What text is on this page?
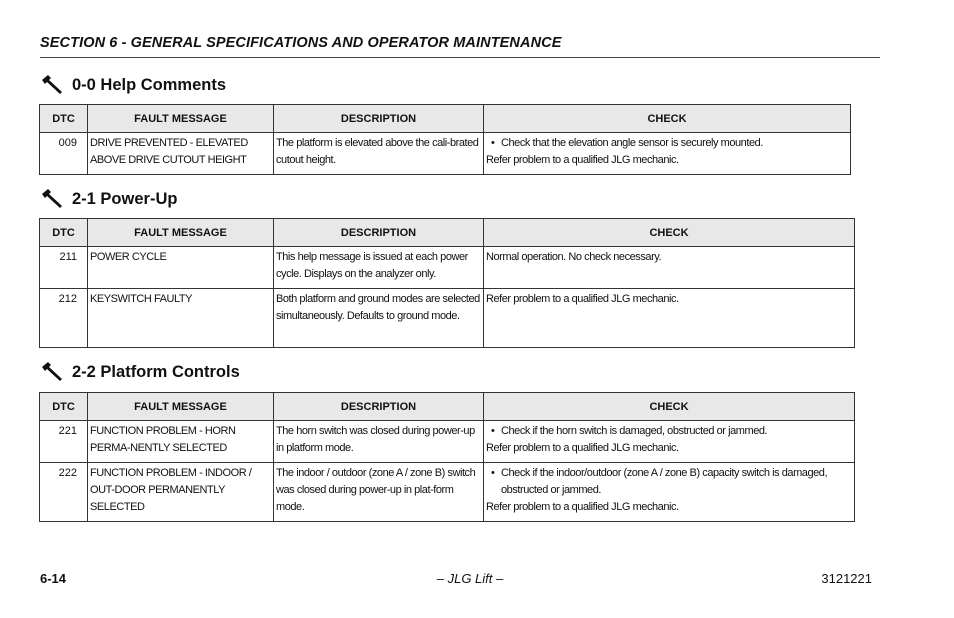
SECTION 6 - GENERAL SPECIFICATIONS AND OPERATOR MAINTENANCE
0-0 Help Comments
DTC	FAULT MESSAGE	DESCRIPTION	CHECK
009	DRIVE PREVENTED - ELEVATED ABOVE DRIVE CUTOUT HEIGHT	The platform is elevated above the cali-brated cutout height.	• Check that the elevation angle sensor is securely mounted.
Refer problem to a qualified JLG mechanic.
2-1 Power-Up
DTC	FAULT MESSAGE	DESCRIPTION	CHECK
211	POWER CYCLE	This help message is issued at each power cycle. Displays on the analyzer only.	Normal operation. No check necessary.

212	KEYSWITCH FAULTY	Both platform and ground modes are selected simultaneously. Defaults to ground mode.	Refer problem to a qualified JLG mechanic.
2-2 Platform Controls
DTC	FAULT MESSAGE	DESCRIPTION	CHECK
221	FUNCTION PROBLEM - HORN PERMA-NENTLY SELECTED	The horn switch was closed during power-up in platform mode.	• Check if the horn switch is damaged, obstructed or jammed.
Refer problem to a qualified JLG mechanic.

222	FUNCTION PROBLEM - INDOOR / OUT-DOOR PERMANENTLY SELECTED	The indoor / outdoor (zone A / zone B) switch was closed during power-up in plat-form mode.	• Check if the indoor/outdoor (zone A / zone B) capacity switch is damaged, obstructed or jammed.
Refer problem to a qualified JLG mechanic.
6-14	– JLG Lift –	3121221
